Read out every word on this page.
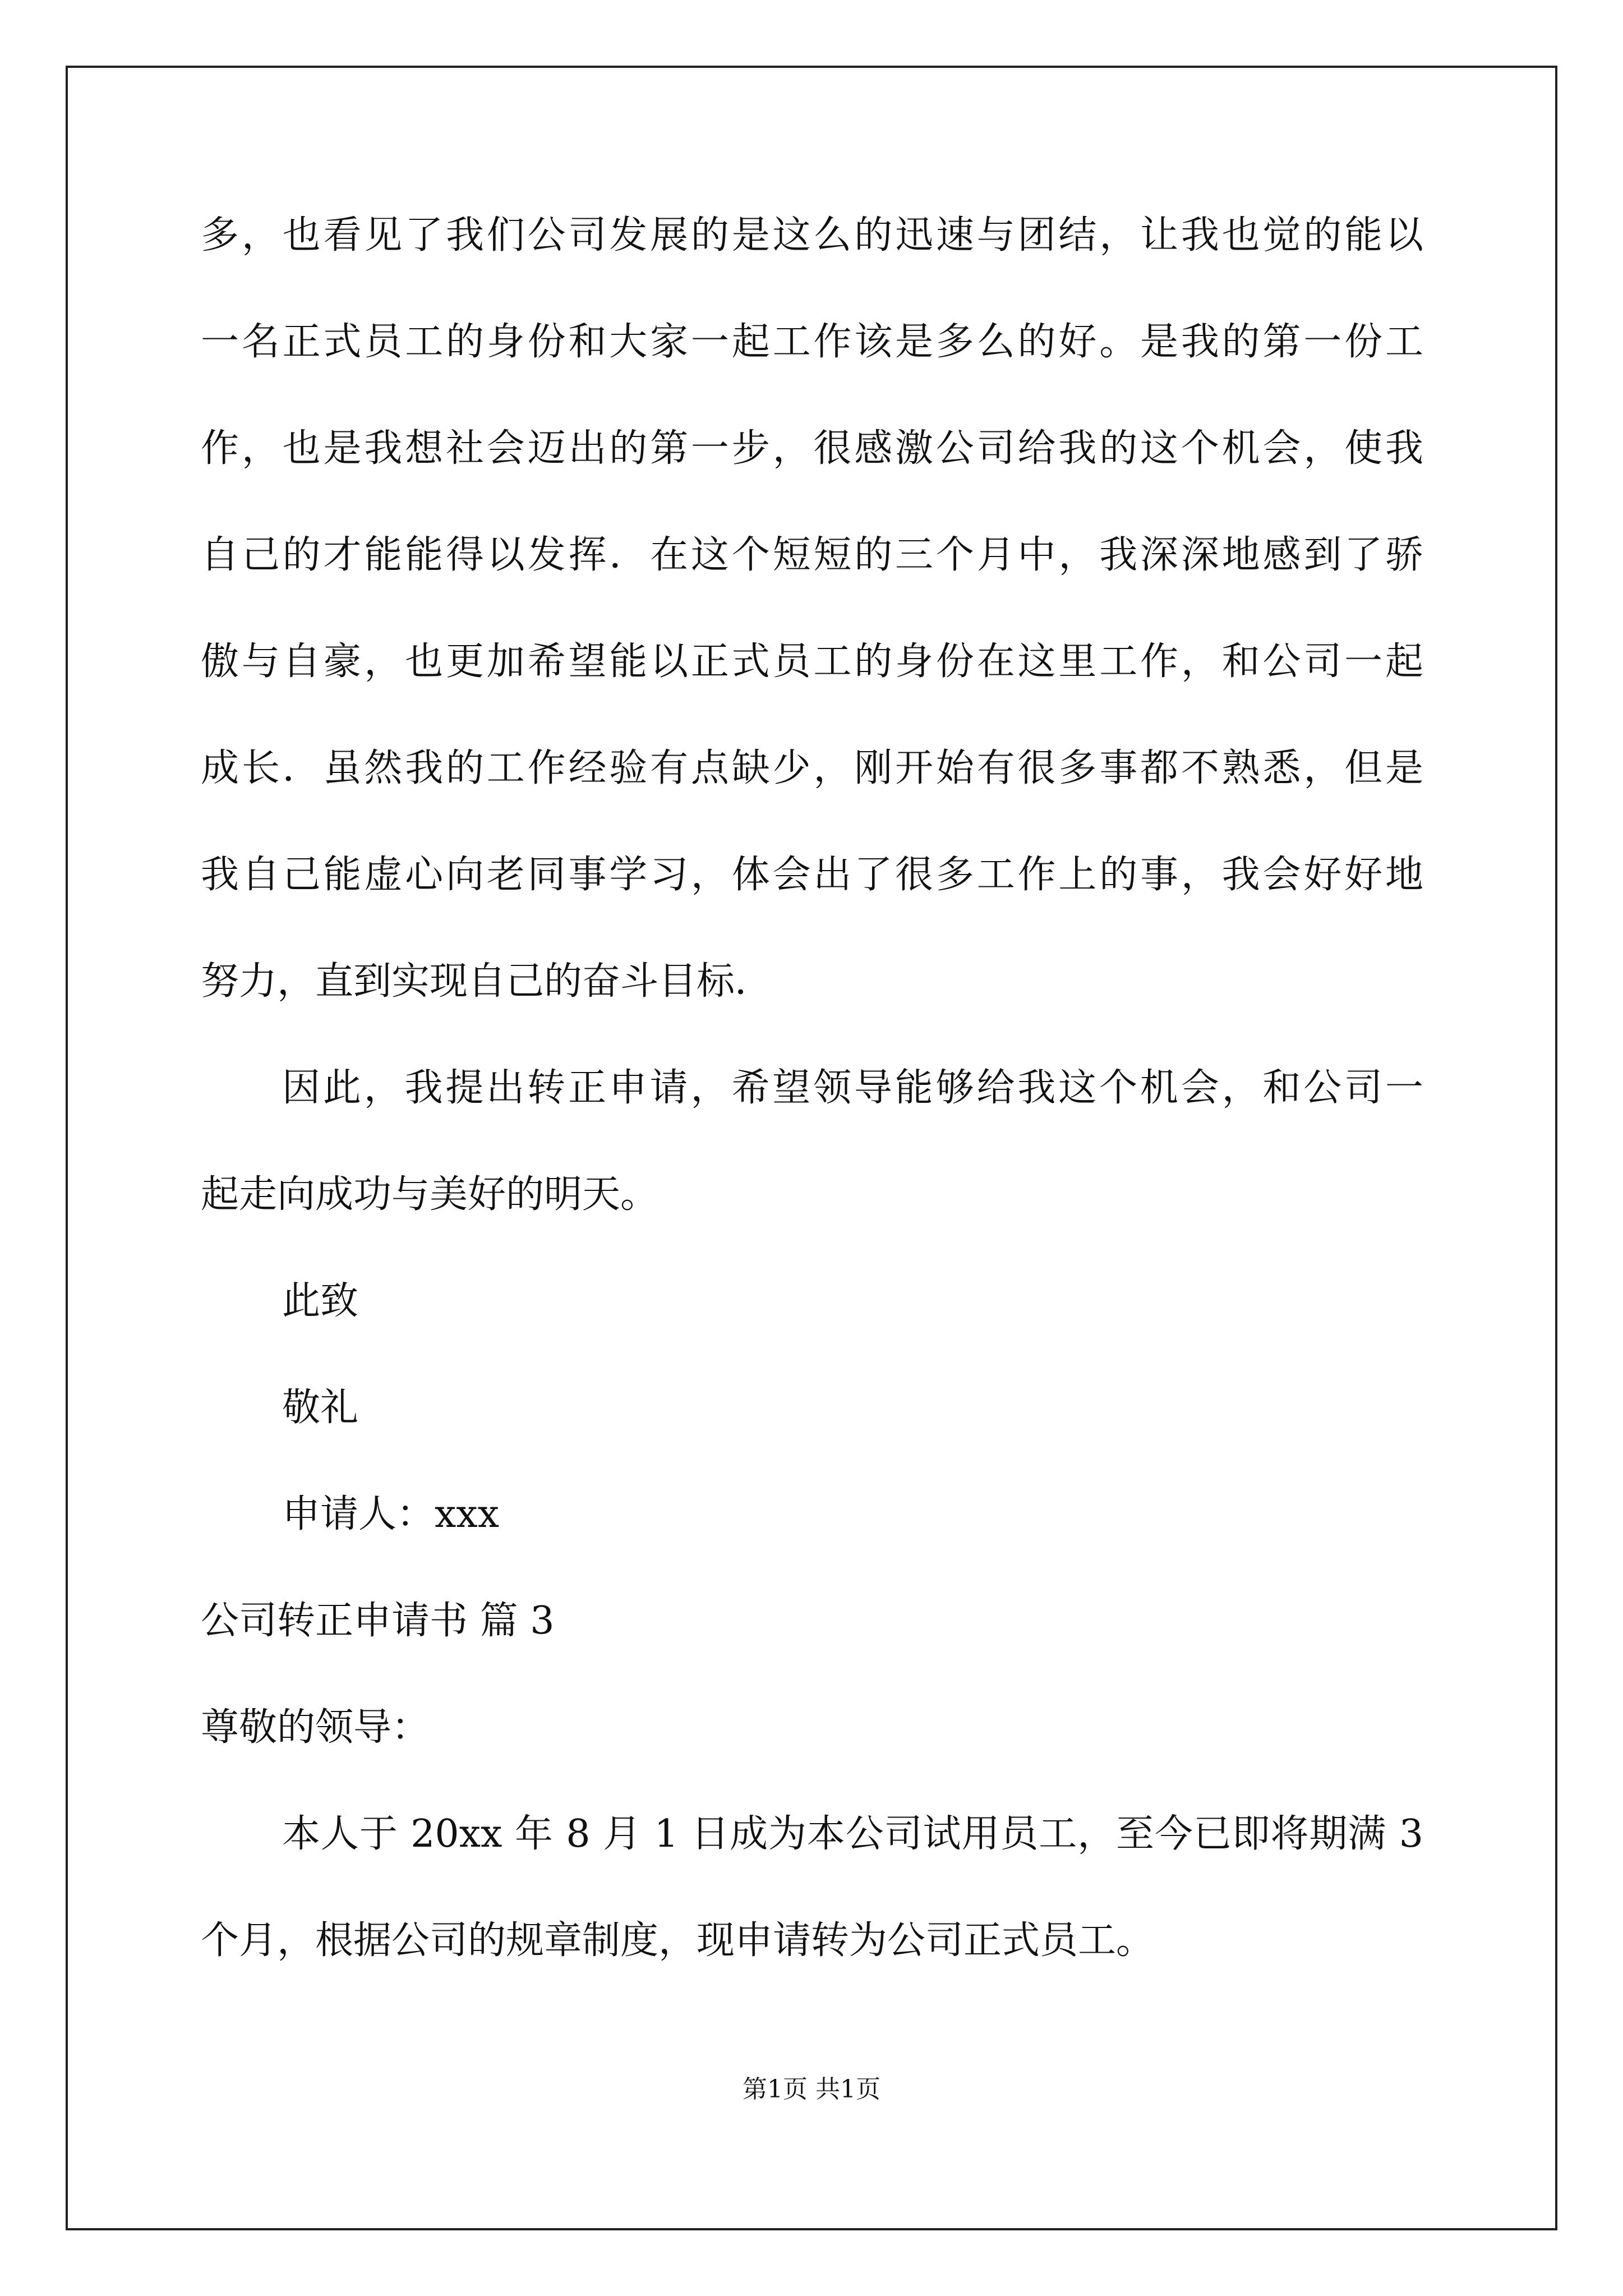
多，也看见了我们公司发展的是这么的迅速与团结，让我也觉的能以
一名正式员工的身份和大家一起工作该是多么的好。是我的第一份工
作，也是我想社会迈出的第一步，很感激公司给我的这个机会，使我
自己的才能能得以发挥．在这个短短的三个月中，我深深地感到了骄
傲与自豪，也更加希望能以正式员工的身份在这里工作，和公司一起
成长．虽然我的工作经验有点缺少，刚开始有很多事都不熟悉，但是
我自己能虚心向老同事学习，体会出了很多工作上的事，我会好好地
努力，直到实现自己的奋斗目标．
因此，我提出转正申请，希望领导能够给我这个机会，和公司一
起走向成功与美好的明天。
此致
敬礼
申请人：xxx
公司转正申请书 篇 3
尊敬的领导：
本人于 20xx 年 8 月 1 日成为本公司试用员工，至今已即将期满 3
个月，根据公司的规章制度，现申请转为公司正式员工。
第1页 共1页
